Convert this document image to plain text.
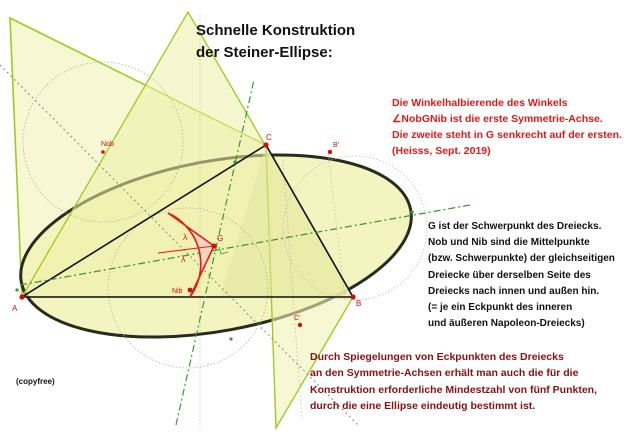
λ
λ
A
B
C
G
Nob
Nib
B'
C'
Schnelle Konstruktion
der Steiner-Ellipse:
Die Winkelhalbierende des Winkels
∠NobGNib ist die erste Symmetrie-Achse.
Die zweite steht in G senkrecht auf der ersten.
(Heisss, Sept. 2019)
G ist der Schwerpunkt des Dreiecks.
Nob und Nib sind die Mittelpunkte
(bzw. Schwerpunkte) der gleichseitigen
Dreiecke über derselben Seite des
Dreiecks nach innen und außen hin.
(= je ein Eckpunkt des inneren
und äußeren Napoleon-Dreiecks)
Durch Spiegelungen von Eckpunkten des Dreiecks
an den Symmetrie-Achsen erhält man auch die für die
Konstruktion erforderliche Mindestzahl von fünf Punkten,
durch die eine Ellipse eindeutig bestimmt ist.
(copyfree)
